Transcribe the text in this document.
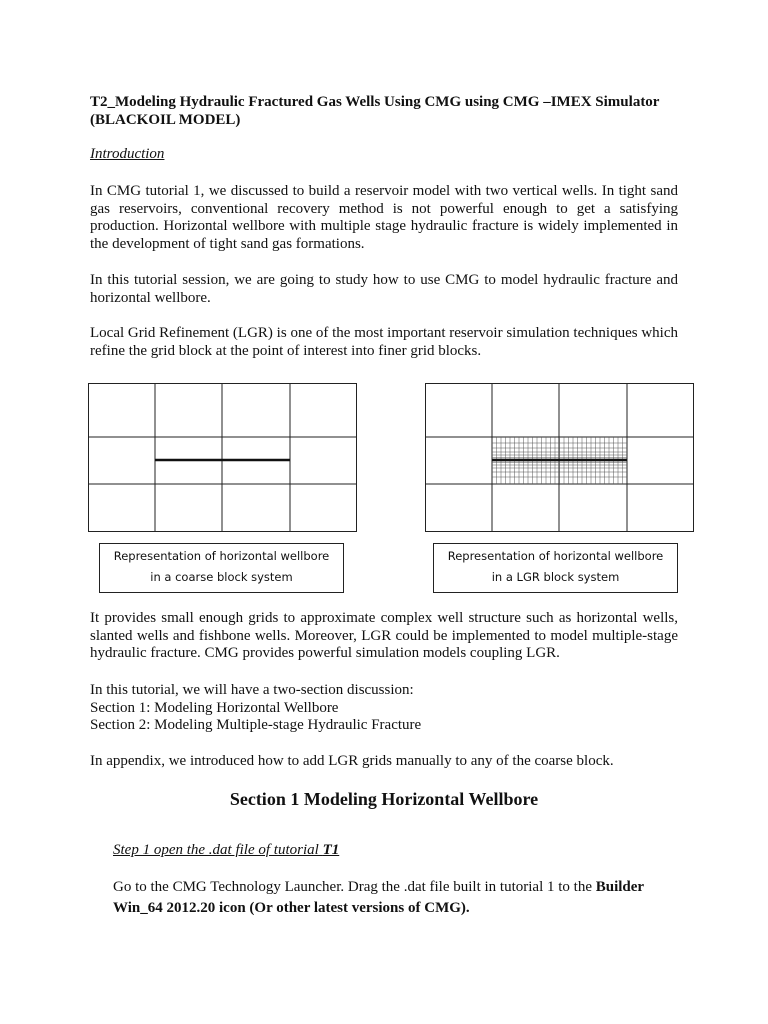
T2_Modeling Hydraulic Fractured Gas Wells Using CMG using CMG –IMEX Simulator (BLACKOIL MODEL)
Introduction
In CMG tutorial 1, we discussed to build a reservoir model with two vertical wells. In tight sand gas reservoirs, conventional recovery method is not powerful enough to get a satisfying production. Horizontal wellbore with multiple stage hydraulic fracture is widely implemented in the development of tight sand gas formations.
In this tutorial session, we are going to study how to use CMG to model hydraulic fracture and horizontal wellbore.
Local Grid Refinement (LGR) is one of the most important reservoir simulation techniques which refine the grid block at the point of interest into finer grid blocks.
Representation of horizontal wellbore
in a coarse block system
Representation of horizontal wellbore
in a LGR block system
It provides small enough grids to approximate complex well structure such as horizontal wells, slanted wells and fishbone wells. Moreover, LGR could be implemented to model multiple-stage hydraulic fracture. CMG provides powerful simulation models coupling LGR.

In this tutorial, we will have a two-section discussion:

Section 1: Modeling Horizontal Wellbore

Section 2: Modeling Multiple-stage Hydraulic Fracture

In appendix, we introduced how to add LGR grids manually to any of the coarse block.
Section 1 Modeling Horizontal Wellbore
Step 1 open the .dat file of tutorial T1
Go to the CMG Technology Launcher. Drag the .dat file built in tutorial 1 to the Builder Win_64 2012.20 icon (Or other latest versions of CMG).
